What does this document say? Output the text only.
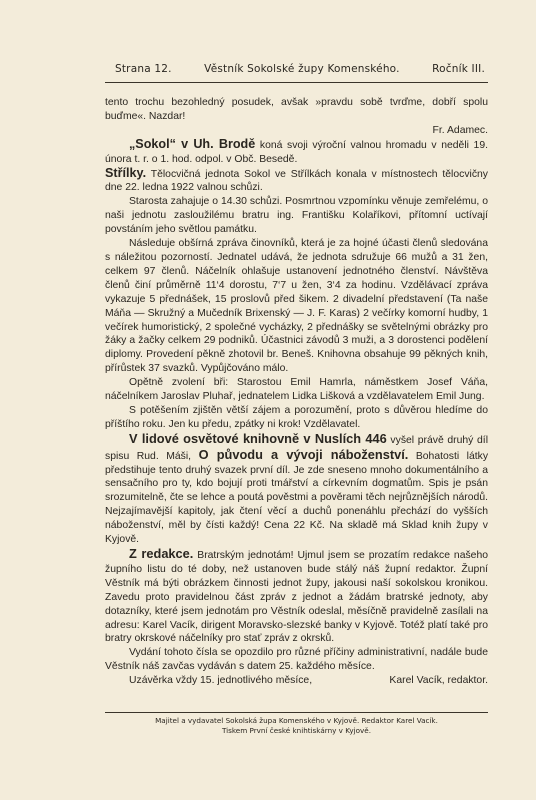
Strana 12.	Věstník Sokolské župy Komenského.	Ročník III.

tento trochu bezohledný posudek, avšak »pravdu sobě tvrďme, dobří spolu buďme«. Nazdar!

Fr. Adamec.

„Sokol“ v Uh. Brodě koná svoji výroční valnou hromadu v neděli 19. února t. r. o 1. hod. odpol. v Obč. Besedě.

Střílky. Tělocvičná jednota Sokol ve Střílkách konala v místnostech tělocvičny dne 22. ledna 1922 valnou schůzi.

Starosta zahajuje o 14.30 schůzi. Posmrtnou vzpomínku věnuje zemřelému, o naši jednotu zasloužilému bratru ing. Františku Kolaříkovi, přítomní uctívají povstáním jeho světlou památku.

Následuje obšírná zpráva činovníků, která je za hojné účasti členů sledována s náležitou pozorností. Jednatel udává, že jednota sdružuje 66 mužů a 31 žen, celkem 97 členů. Náčelník ohlašuje ustanovení jednotného členství. Návštěva členů činí průměrně 11‘4 dorostu, 7‘7 u žen, 3‘4 za hodinu. Vzdělávací zpráva vykazuje 5 přednášek, 15 proslovů před šikem. 2 divadelní představení (Ta naše Máňa — Skružný a Mučedník Brixenský — J. F. Karas) 2 večírky komorní hudby, 1 večírek humoristický, 2 společné vycházky, 2 přednášky se světelnými obrázky pro žáky a žačky celkem 29 podniků. Účastnici závodů 3 muži, a 3 dorostenci podělení diplomy. Provedení pěkně zhotovil br. Beneš. Knihovna obsahuje 99 pěkných knih, přírůstek 37 svazků. Vypůjčováno málo.

Opětně zvolení bři: Starostou Emil Hamrla, náměstkem Josef Váňa, náčelníkem Jaroslav Pluhař, jednatelem Lidka Lišková a vzdělavatelem Emil Jung.

S potěšením zjištěn větší zájem a porozumění, proto s důvěrou hledíme do příštího roku. Jen ku předu, zpátky ni krok! Vzdělavatel.

V lidové osvětové knihovně v Nuslích 446 vyšel právě druhý díl spisu Rud. Máši, O původu a vývoji náboženství. Bohatosti látky předstihuje tento druhý svazek první díl. Je zde sneseno mnoho dokumentálního a sensačního pro ty, kdo bojují proti tmářství a církevním dogmatům. Spis je psán srozumitelně, čte se lehce a poutá pověstmi a pověrami těch nejrůznějších národů. Nejzajímavější kapitoly, jak čtení věcí a duchů ponenáhlu přechází do vyšších náboženství, měl by čísti každý! Cena 22 Kč. Na skladě má Sklad knih župy v Kyjově.

Z redakce. Bratrským jednotám! Ujmul jsem se prozatím redakce našeho župního listu do té doby, než ustanoven bude stálý náš župní redaktor. Župní Věstník má býti obrázkem činnosti jednot župy, jakousi naší sokolskou kronikou. Zavedu proto pravidelnou část zpráv z jednot a žádám bratrské jednoty, aby dotazníky, které jsem jednotám pro Věstník odeslal, měsíčně pravidelně zasílali na adresu: Karel Vacík, dirigent Moravsko-slezské banky v Kyjově. Totéž platí také pro bratry okrskové náčelníky pro stať zpráv z okrsků.

Vydání tohoto čísla se opozdilo pro různé příčiny administrativní, nadále bude Věstník náš zavčas vydáván s datem 25. každého měsíce.

Uzávěrka vždy 15. jednotlivého měsíce,	Karel Vacík, redaktor.

Majitel a vydavatel Sokolská župa Komenského v Kyjově. Redaktor Karel Vacík.
Tiskem První české knihtiskárny v Kyjově.
